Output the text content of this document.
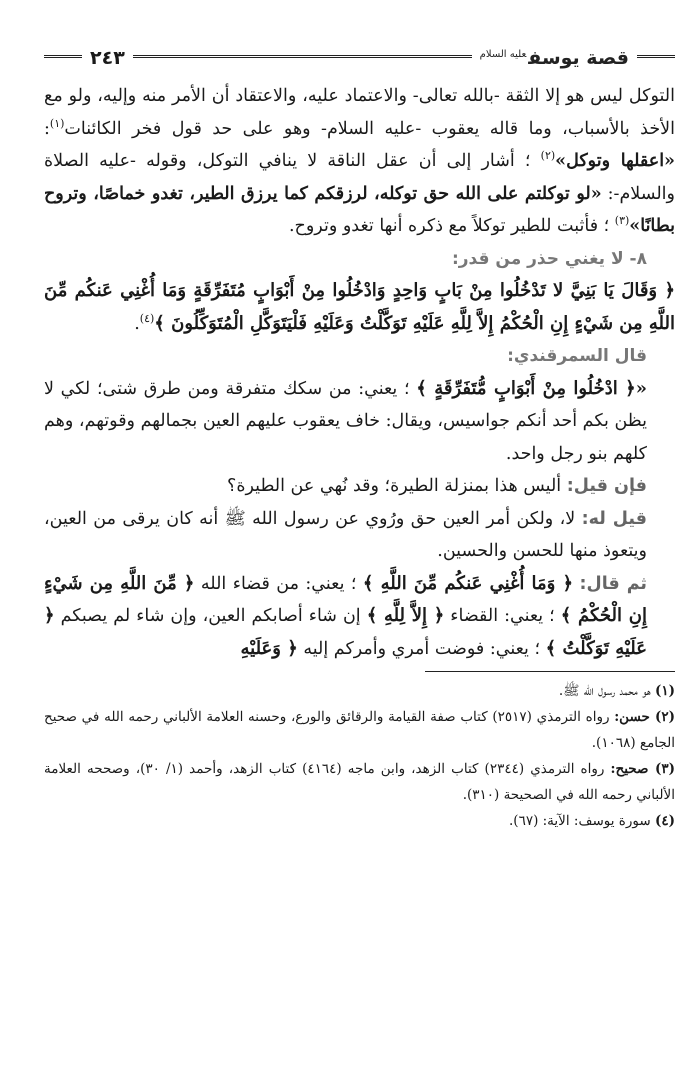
قصة يوسف$^{عليه السلام}$
٢٤٣

التوكل ليس هو إلا الثقة -بالله تعالى- والاعتماد عليه، والاعتقاد أن الأمر منه وإليه، ولو مع الأخذ بالأسباب، وما قاله يعقوب -عليه السلام- وهو على حد قول فخر الكائنات$^{(١)}$: «اعقلها وتوكل»$^{(٢)}$ ؛ أشار إلى أن عقل الناقة لا ينافي التوكل، وقوله -عليه الصلاة والسلام-: «لو توكلتم على الله حق توكله، لرزقكم كما يرزق الطير، تغدو خماصًا، وتروح بطانًا»$^{(٣)}$ ؛ فأثبت للطير توكلاً مع ذكره أنها تغدو وتروح.

٨- لا يغني حذر من قدر:

﴿ وَقَالَ يَا بَنِيَّ لا تَدْخُلُوا مِنْ بَابٍ وَاحِدٍ وَادْخُلُوا مِنْ أَبْوَابٍ مُتَفَرِّقَةٍ وَمَا أُغْنِي عَنكُم مِّنَ اللَّهِ مِن شَيْءٍ إِنِ الْحُكْمُ إِلاَّ لِلَّهِ عَلَيْهِ تَوَكَّلْتُ وَعَلَيْهِ فَلْيَتَوَكَّلِ الْمُتَوَكِّلُونَ ﴾$^{(٤)}$.

قال السمرقندي:

«﴿ ادْخُلُوا مِنْ أَبْوَابٍ مُّتَفَرِّقَةٍ ﴾ ؛ يعني: من سكك متفرقة ومن طرق شتى؛ لكي لا يظن بكم أحد أنكم جواسيس، ويقال: خاف يعقوب عليهم العين بجمالهم وقوتهم، وهم كلهم بنو رجل واحد.

فإن قيل: أليس هذا بمنزلة الطيرة؛ وقد نُهي عن الطيرة؟

قيل له: لا، ولكن أمر العين حق ورُوي عن رسول الله ﷺ أنه كان يرقى من العين، ويتعوذ منها للحسن والحسين.

ثم قال: ﴿ وَمَا أُغْنِي عَنكُم مِّنَ اللَّهِ ﴾ ؛ يعني: من قضاء الله ﴿ مِّنَ اللَّهِ مِن شَيْءٍ إِنِ الْحُكْمُ ﴾ ؛ يعني: القضاء ﴿ إِلاَّ لِلَّهِ ﴾ إن شاء أصابكم العين، وإن شاء لم يصبكم ﴿ عَلَيْهِ تَوَكَّلْتُ ﴾ ؛ يعني: فوضت أمري وأمركم إليه ﴿ وَعَلَيْهِ

(١) هو محمد رسول الله ﷺ.

(٢) حسن: رواه الترمذي (٢٥١٧) كتاب صفة القيامة والرقائق والورع، وحسنه العلامة الألباني رحمه الله في صحيح الجامع (١٠٦٨).

(٣) صحيح: رواه الترمذي (٢٣٤٤) كتاب الزهد، وابن ماجه (٤١٦٤) كتاب الزهد، وأحمد (١/ ٣٠)، وصححه العلامة الألباني رحمه الله في الصحيحة (٣١٠).

(٤) سورة يوسف: الآية: (٦٧).
